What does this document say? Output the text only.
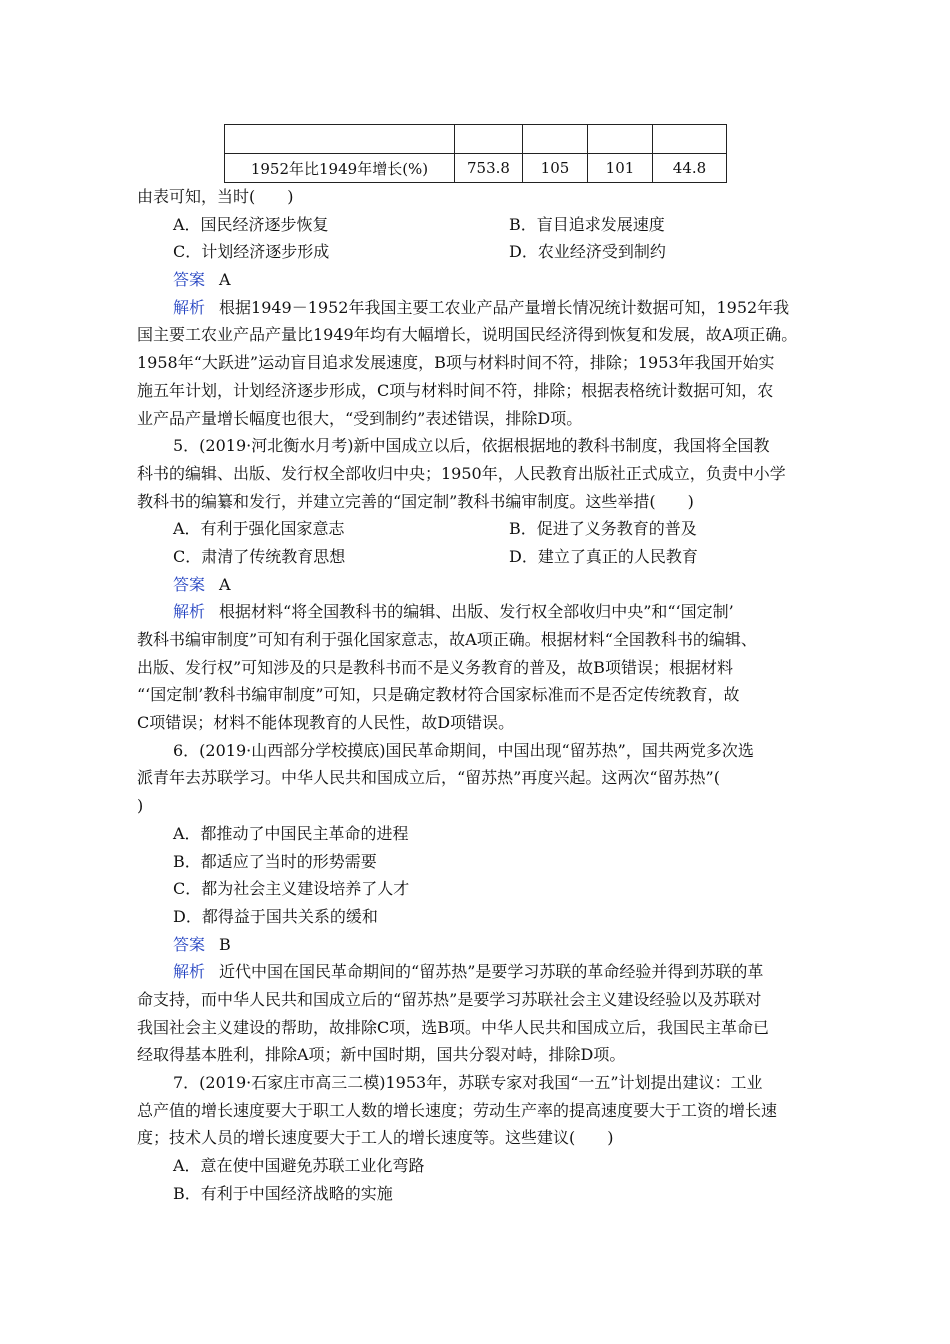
1952年比1949年增长(%)	753.8	105	101	44.8
由表可知，当时(　　)
A．国民经济逐步恢复	B．盲目追求发展速度
C．计划经济逐步形成	D．农业经济受到制约
答案 A
解析 根据1949－1952年我国主要工农业产品产量增长情况统计数据可知，1952年我
国主要工农业产品产量比1949年均有大幅增长，说明国民经济得到恢复和发展，故A项正确。
1958年“大跃进”运动盲目追求发展速度，B项与材料时间不符，排除；1953年我国开始实
施五年计划，计划经济逐步形成，C项与材料时间不符，排除；根据表格统计数据可知，农
业产品产量增长幅度也很大，“受到制约”表述错误，排除D项。
5．(2019·河北衡水月考)新中国成立以后，依据根据地的教科书制度，我国将全国教
科书的编辑、出版、发行权全部收归中央；1950年，人民教育出版社正式成立，负责中小学
教科书的编纂和发行，并建立完善的“国定制”教科书编审制度。这些举措(　　)
A．有利于强化国家意志	B．促进了义务教育的普及
C．肃清了传统教育思想	D．建立了真正的人民教育
答案 A
解析 根据材料“将全国教科书的编辑、出版、发行权全部收归中央”和“‘国定制’
教科书编审制度”可知有利于强化国家意志，故A项正确。根据材料“全国教科书的编辑、
出版、发行权”可知涉及的只是教科书而不是义务教育的普及，故B项错误；根据材料
“‘国定制’教科书编审制度”可知，只是确定教材符合国家标准而不是否定传统教育，故
C项错误；材料不能体现教育的人民性，故D项错误。
6．(2019·山西部分学校摸底)国民革命期间，中国出现“留苏热”，国共两党多次选
派青年去苏联学习。中华人民共和国成立后，“留苏热”再度兴起。这两次“留苏热”(
)
A．都推动了中国民主革命的进程
B．都适应了当时的形势需要
C．都为社会主义建设培养了人才
D．都得益于国共关系的缓和
答案 B
解析 近代中国在国民革命期间的“留苏热”是要学习苏联的革命经验并得到苏联的革
命支持，而中华人民共和国成立后的“留苏热”是要学习苏联社会主义建设经验以及苏联对
我国社会主义建设的帮助，故排除C项，选B项。中华人民共和国成立后，我国民主革命已
经取得基本胜利，排除A项；新中国时期，国共分裂对峙，排除D项。
7．(2019·石家庄市高三二模)1953年，苏联专家对我国“一五”计划提出建议：工业
总产值的增长速度要大于职工人数的增长速度；劳动生产率的提高速度要大于工资的增长速
度；技术人员的增长速度要大于工人的增长速度等。这些建议(　　)
A．意在使中国避免苏联工业化弯路
B．有利于中国经济战略的实施
